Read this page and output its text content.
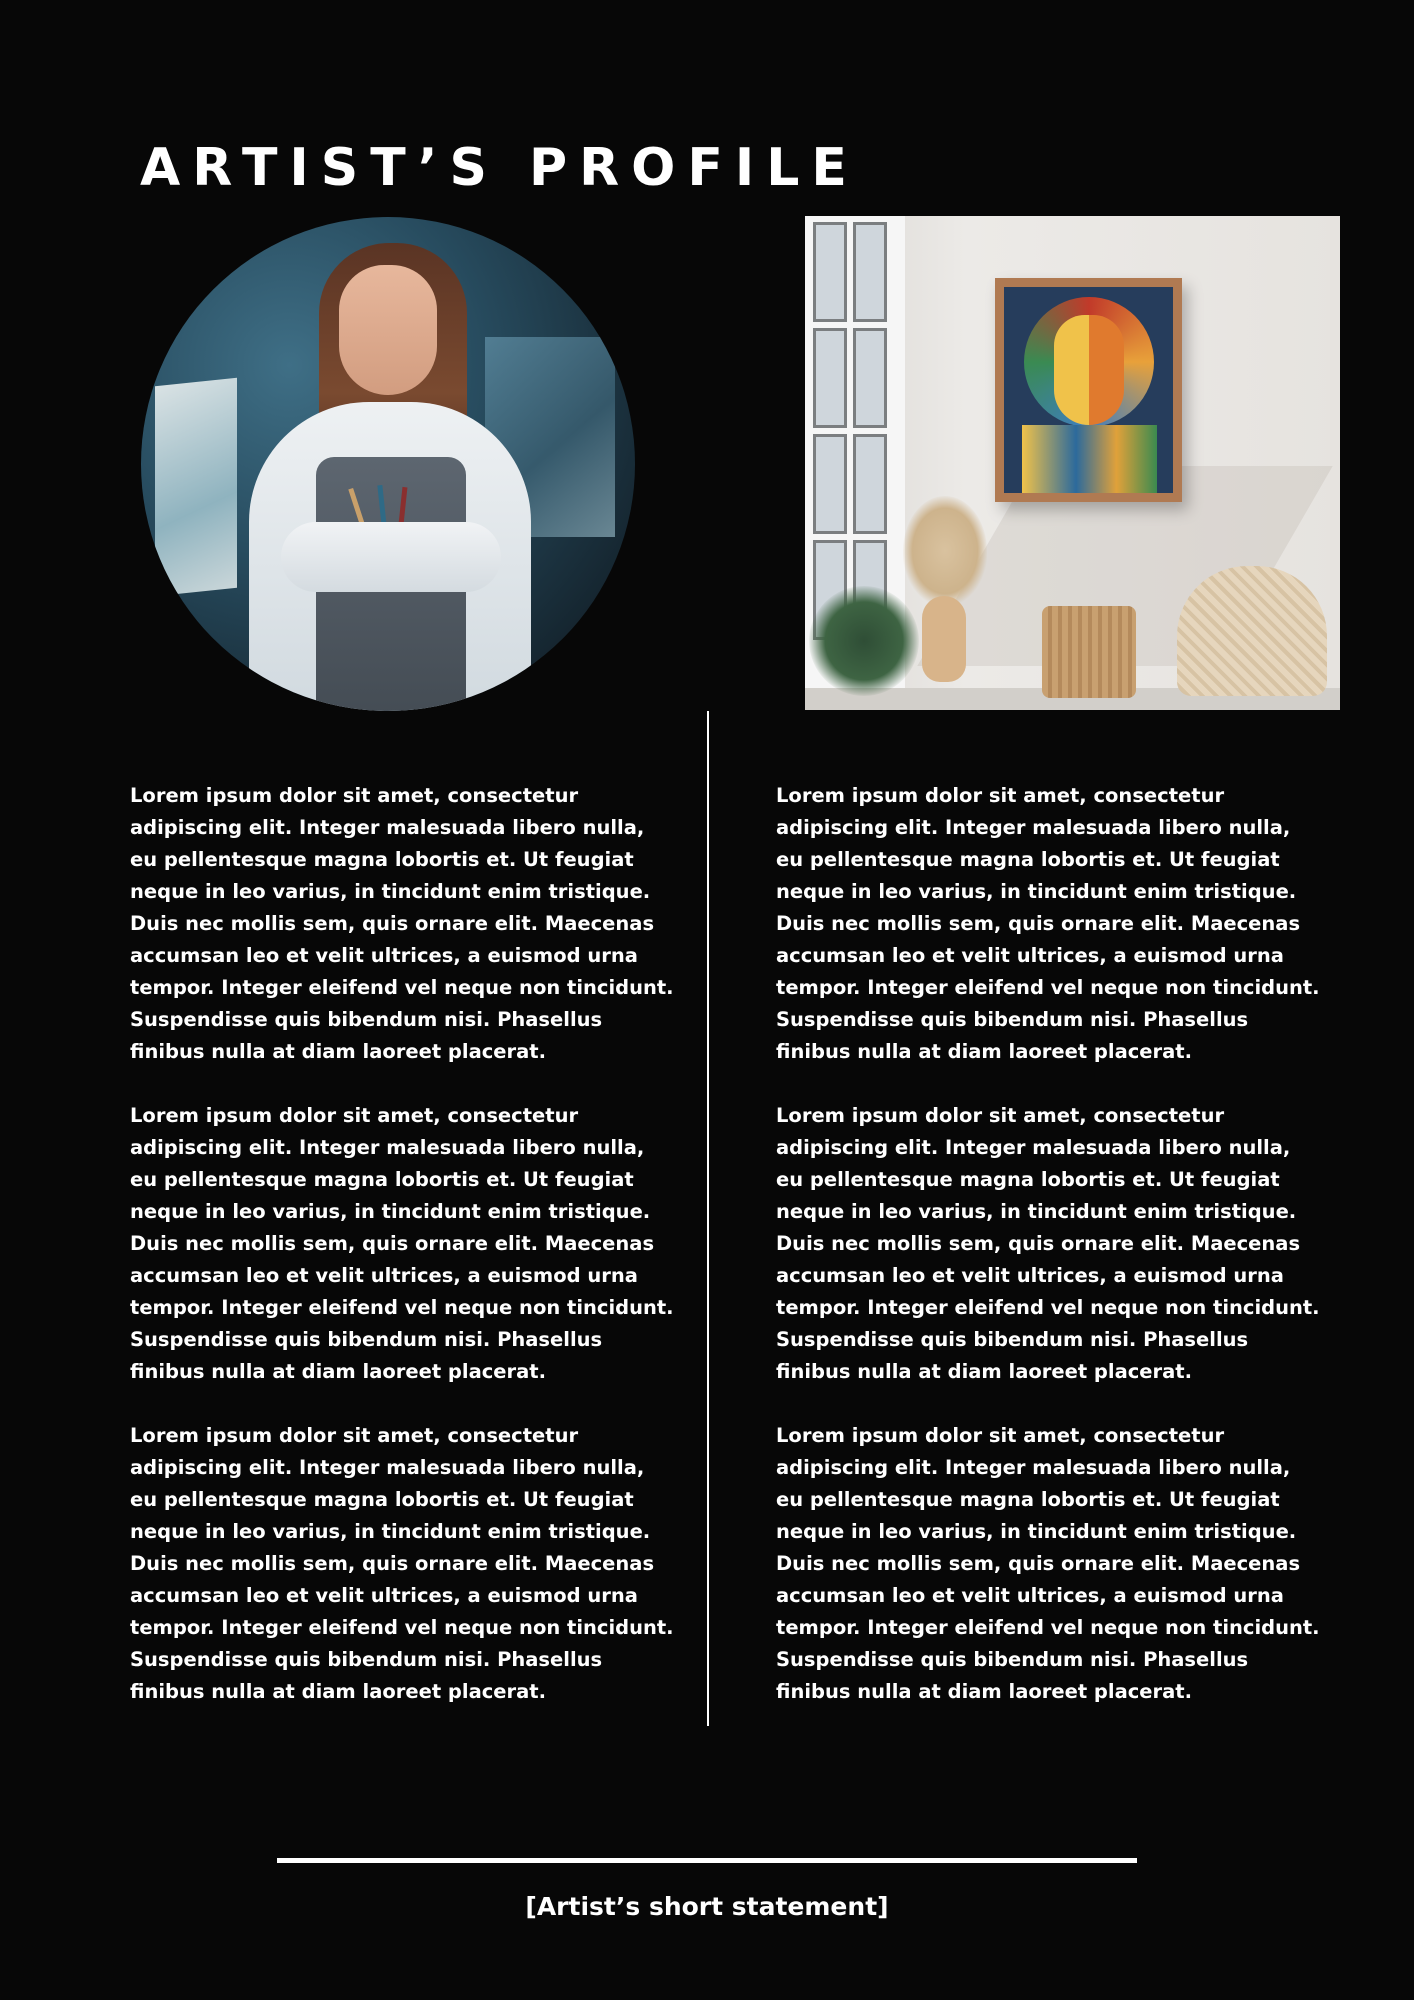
ARTIST’S PROFILE

Lorem ipsum dolor sit amet, consectetur adipiscing elit. Integer malesuada libero nulla, eu pellentesque magna lobortis et. Ut feugiat neque in leo varius, in tincidunt enim tristique. Duis nec mollis sem, quis ornare elit. Maecenas accumsan leo et velit ultrices, a euismod urna tempor. Integer eleifend vel neque non tincidunt. Suspendisse quis bibendum nisi. Phasellus finibus nulla at diam laoreet placerat.

Lorem ipsum dolor sit amet, consectetur adipiscing elit. Integer malesuada libero nulla, eu pellentesque magna lobortis et. Ut feugiat neque in leo varius, in tincidunt enim tristique. Duis nec mollis sem, quis ornare elit. Maecenas accumsan leo et velit ultrices, a euismod urna tempor. Integer eleifend vel neque non tincidunt. Suspendisse quis bibendum nisi. Phasellus finibus nulla at diam laoreet placerat.

Lorem ipsum dolor sit amet, consectetur adipiscing elit. Integer malesuada libero nulla, eu pellentesque magna lobortis et. Ut feugiat neque in leo varius, in tincidunt enim tristique. Duis nec mollis sem, quis ornare elit. Maecenas accumsan leo et velit ultrices, a euismod urna tempor. Integer eleifend vel neque non tincidunt. Suspendisse quis bibendum nisi. Phasellus finibus nulla at diam laoreet placerat.

Lorem ipsum dolor sit amet, consectetur adipiscing elit. Integer malesuada libero nulla, eu pellentesque magna lobortis et. Ut feugiat neque in leo varius, in tincidunt enim tristique. Duis nec mollis sem, quis ornare elit. Maecenas accumsan leo et velit ultrices, a euismod urna tempor. Integer eleifend vel neque non tincidunt. Suspendisse quis bibendum nisi. Phasellus finibus nulla at diam laoreet placerat.

Lorem ipsum dolor sit amet, consectetur adipiscing elit. Integer malesuada libero nulla, eu pellentesque magna lobortis et. Ut feugiat neque in leo varius, in tincidunt enim tristique. Duis nec mollis sem, quis ornare elit. Maecenas accumsan leo et velit ultrices, a euismod urna tempor. Integer eleifend vel neque non tincidunt. Suspendisse quis bibendum nisi. Phasellus finibus nulla at diam laoreet placerat.

Lorem ipsum dolor sit amet, consectetur adipiscing elit. Integer malesuada libero nulla, eu pellentesque magna lobortis et. Ut feugiat neque in leo varius, in tincidunt enim tristique. Duis nec mollis sem, quis ornare elit. Maecenas accumsan leo et velit ultrices, a euismod urna tempor. Integer eleifend vel neque non tincidunt. Suspendisse quis bibendum nisi. Phasellus finibus nulla at diam laoreet placerat.

[Artist’s short statement]
